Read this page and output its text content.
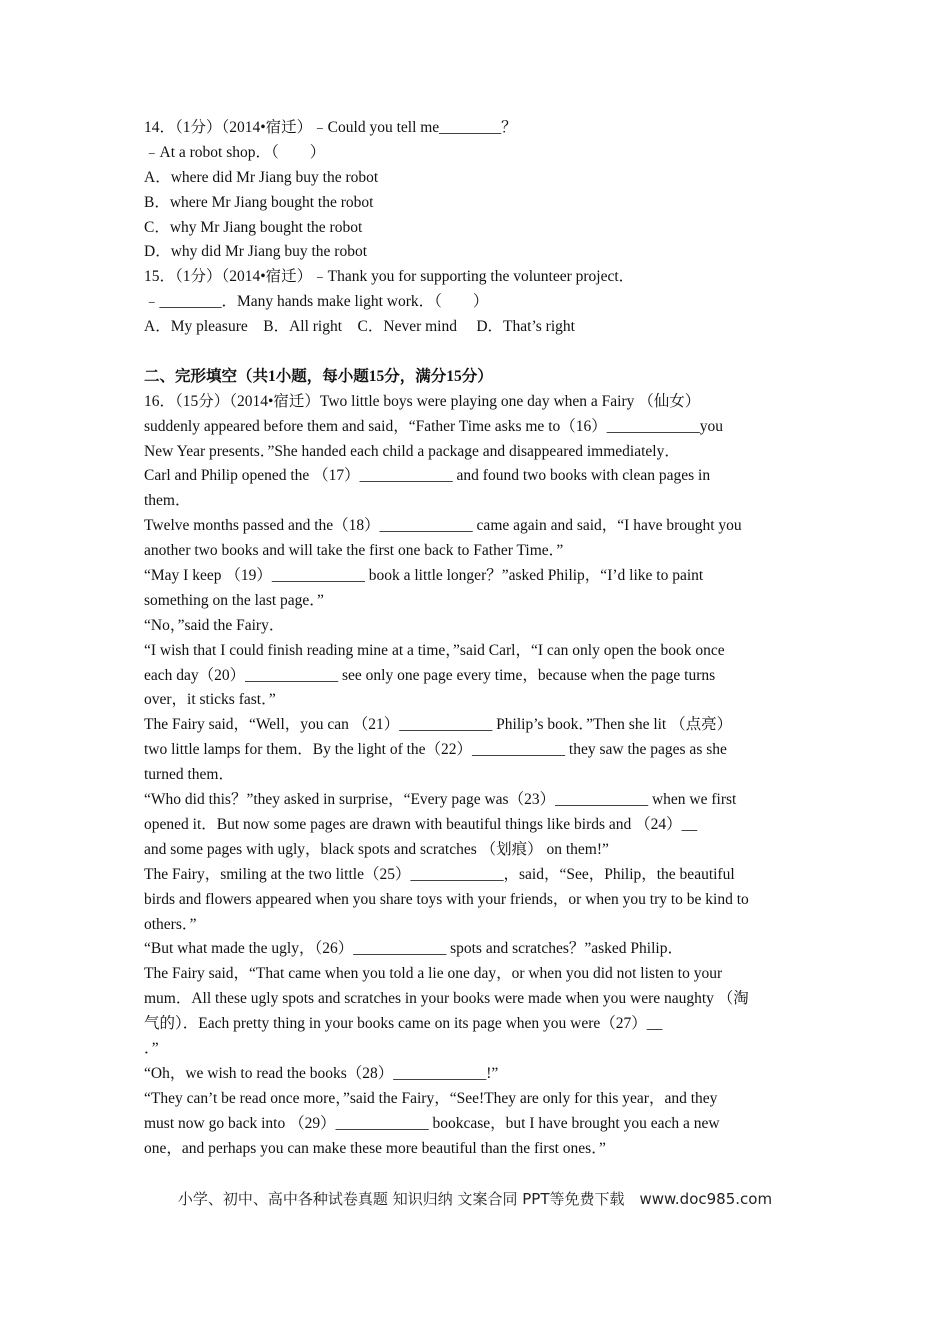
14．（1分）（2014•宿迁）﹣Could you tell me________？
﹣At a robot shop．（　　）
A．where did Mr Jiang buy the robot
B．where Mr Jiang bought the robot
C．why Mr Jiang bought the robot
D．why did Mr Jiang buy the robot
15．（1分）（2014•宿迁）﹣Thank you for supporting the volunteer project．
﹣________．Many hands make light work．（　　）
A．My pleasure　B．All right　C．Never mind　 D．That’s right
二、完形填空（共1小题，每小题15分，满分15分）
16．（15分）（2014•宿迁）Two little boys were playing one day when a Fairy （仙女）
suddenly appeared before them and said，“Father Time asks me to（16）____________you
New Year presents．”She handed each child a package and disappeared immediately．
Carl and Philip opened the （17）____________ and found two books with clean pages in
them．
Twelve months passed and the（18）____________ came again and said，“I have brought you
another two books and will take the first one back to Father Time．”
“May I keep （19）____________ book a little longer？”asked Philip，“I’d like to paint
something on the last page．”
“No，”said the Fairy．
“I wish that I could finish reading mine at a time，”said Carl，“I can only open the book once
each day（20）____________ see only one page every time，because when the page turns
over，it sticks fast．”
The Fairy said，“Well，you can （21）____________ Philip’s book．”Then she lit （点亮）
two little lamps for them．By the light of the（22）____________ they saw the pages as she
turned them．
“Who did this？”they asked in surprise，“Every page was（23）____________ when we first
opened it．But now some pages are drawn with beautiful things like birds and （24）__
and some pages with ugly，black spots and scratches （划痕） on them!”
The Fairy，smiling at the two little（25）____________，said，“See，Philip，the beautiful
birds and flowers appeared when you share toys with your friends，or when you try to be kind to
others．”
“But what made the ugly，（26）____________ spots and scratches？”asked Philip．
The Fairy said，“That came when you told a lie one day，or when you did not listen to your
mum．All these ugly spots and scratches in your books were made when you were naughty （淘
气的）．Each pretty thing in your books came on its page when you were（27）__
．”
“Oh，we wish to read the books（28）____________!”
“They can’t be read once more，”said the Fairy，“See!They are only for this year，and they
must now go back into （29）____________ bookcase，but I have brought you each a new
one，and perhaps you can make these more beautiful than the first ones．”
小学、初中、高中各种试卷真题 知识归纳 文案合同 PPT等免费下载　www.doc985.com
